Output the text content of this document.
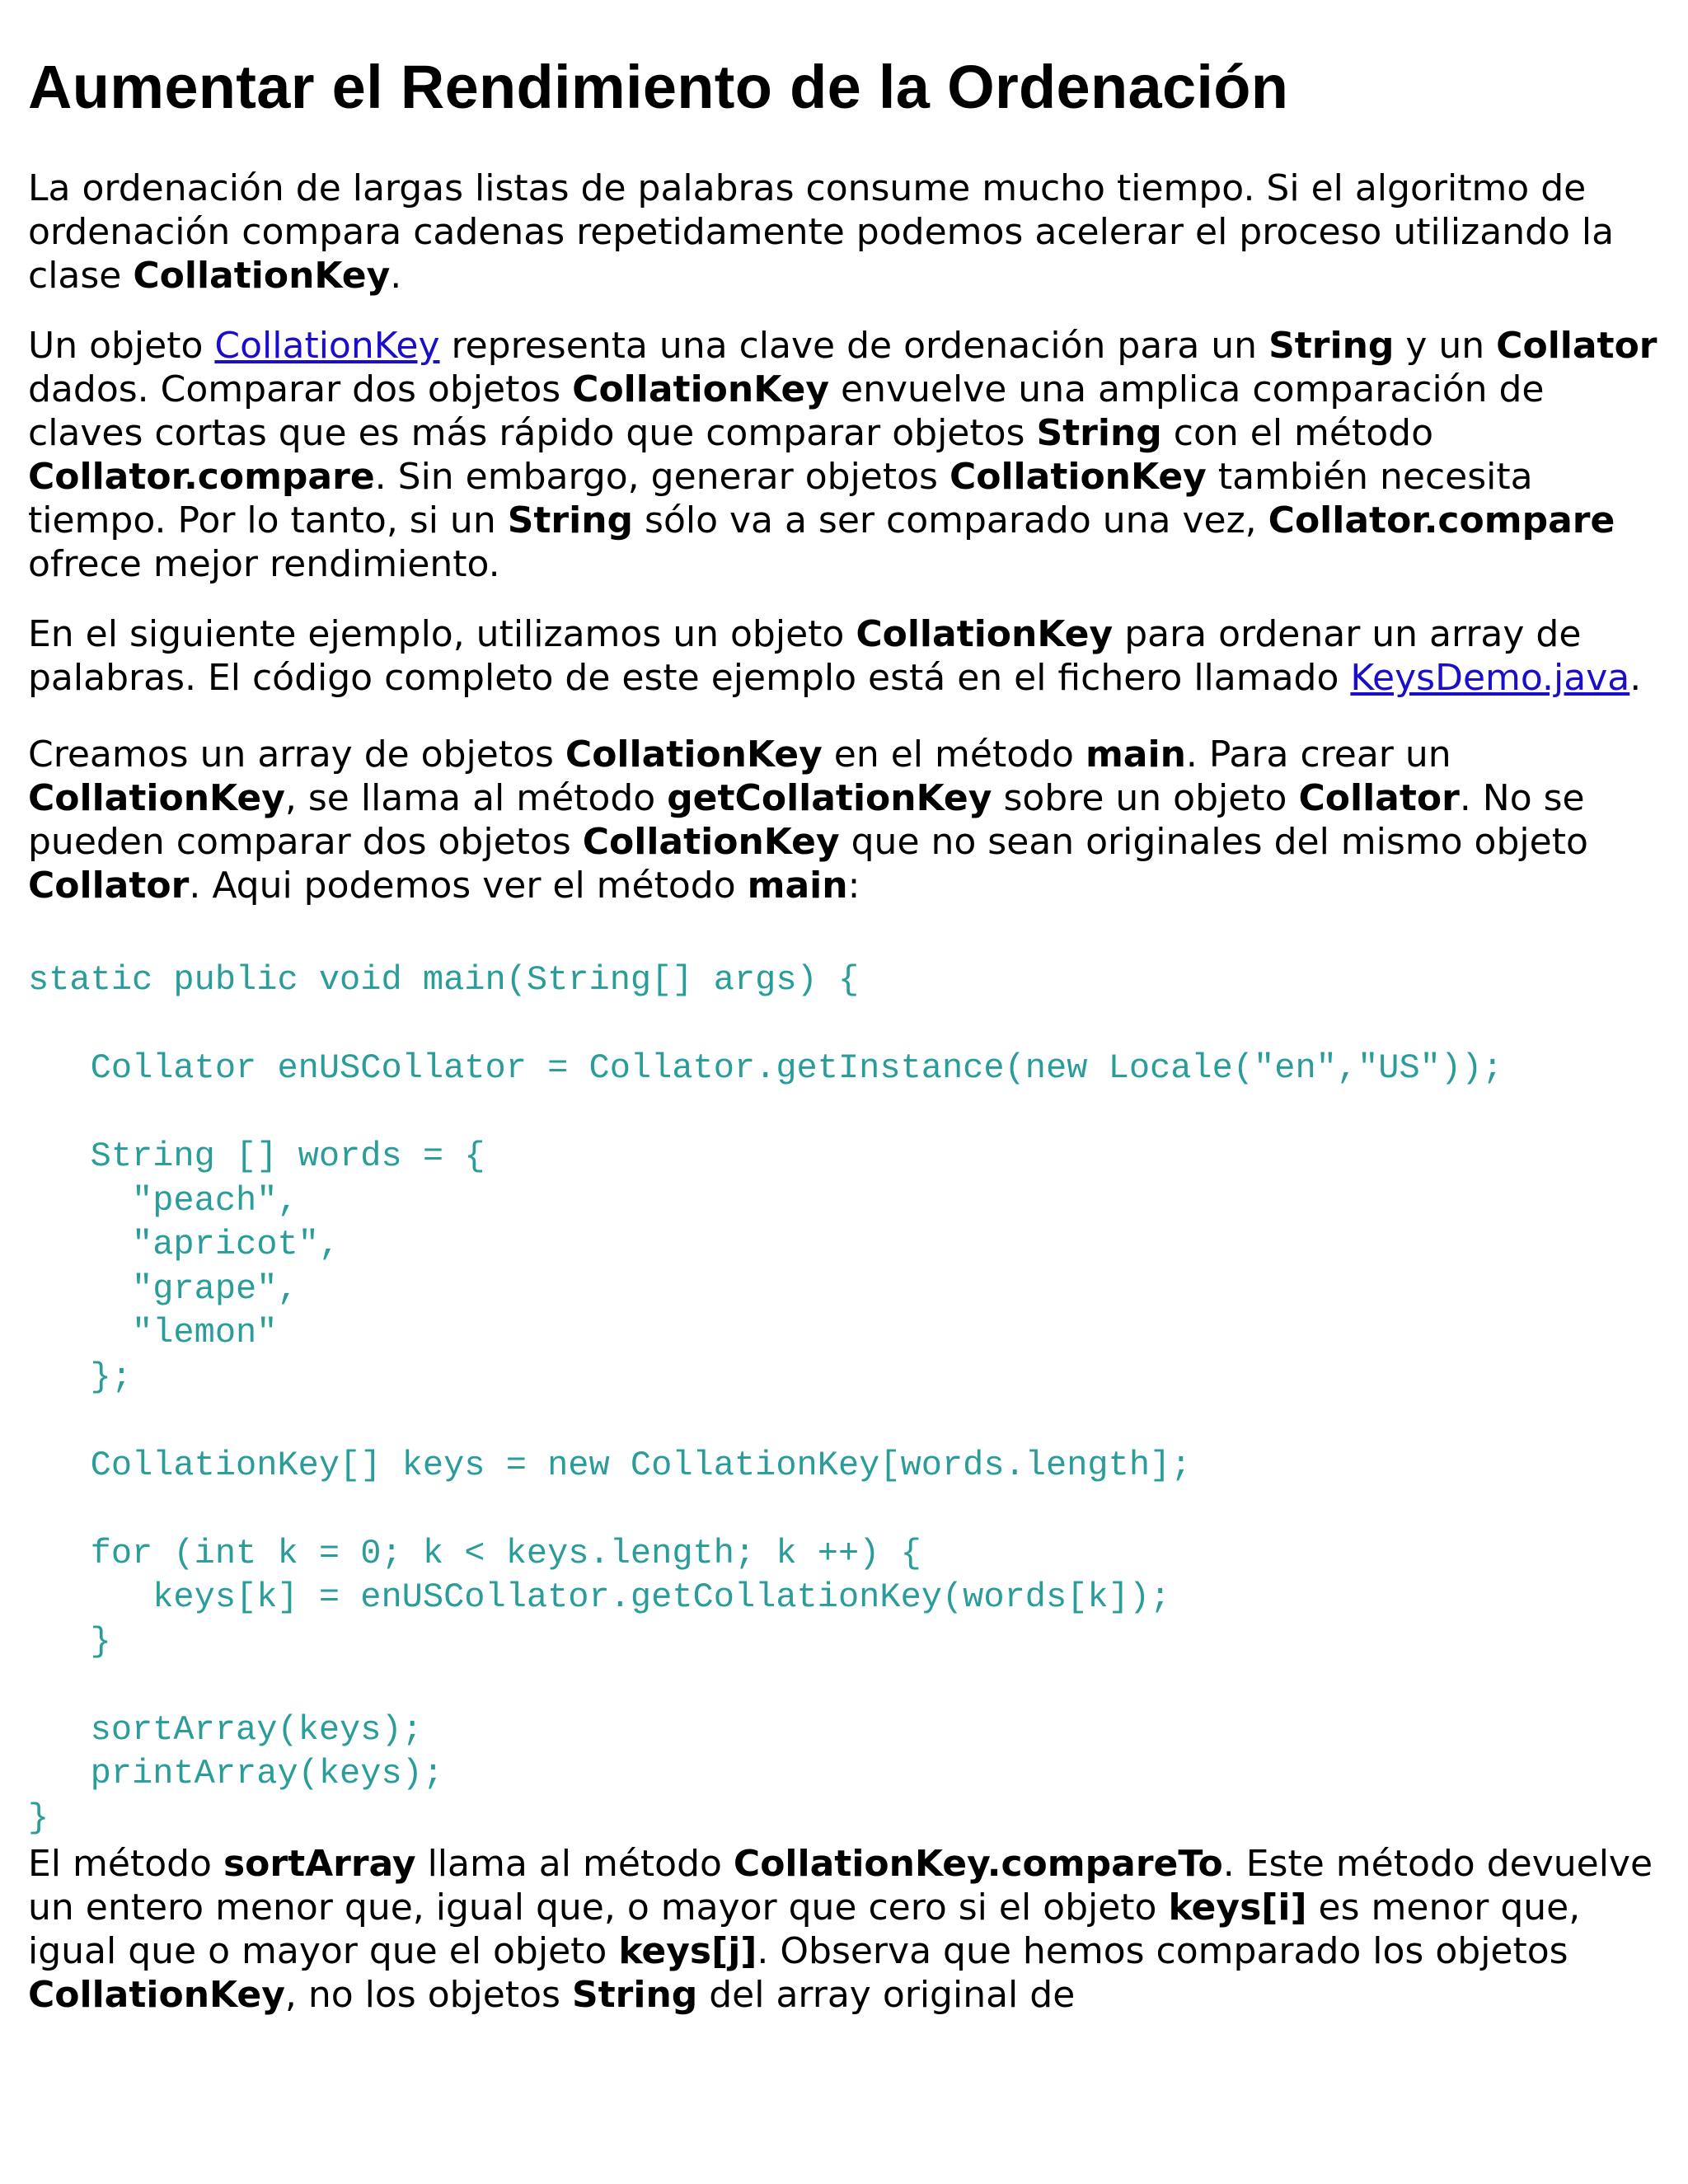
Aumentar el Rendimiento de la Ordenación

La ordenación de largas listas de palabras consume mucho tiempo. Si el algoritmo de ordenación compara cadenas repetidamente podemos acelerar el proceso utilizando la clase CollationKey.

Un objeto CollationKey representa una clave de ordenación para un String y un Collator dados. Comparar dos objetos CollationKey envuelve una amplica comparación de claves cortas que es más rápido que comparar objetos String con el método Collator.compare. Sin embargo, generar objetos CollationKey también necesita tiempo. Por lo tanto, si un String sólo va a ser comparado una vez, Collator.compare ofrece mejor rendimiento.

En el siguiente ejemplo, utilizamos un objeto CollationKey para ordenar un array de palabras. El código completo de este ejemplo está en el fichero llamado KeysDemo.java.

Creamos un array de objetos CollationKey en el método main. Para crear un CollationKey, se llama al método getCollationKey sobre un objeto Collator. No se pueden comparar dos objetos CollationKey que no sean originales del mismo objeto Collator. Aqui podemos ver el método main:

static public void main(String[] args) {

Collator enUSCollator = Collator.getInstance(new Locale("en","US"));

String [] words = {
"peach",
"apricot",
"grape",
"lemon"
};

CollationKey[] keys = new CollationKey[words.length];

for (int k = 0; k < keys.length; k ++) {
keys[k] = enUSCollator.getCollationKey(words[k]);
}

sortArray(keys);
printArray(keys);
}

El método sortArray llama al método CollationKey.compareTo. Este método devuelve un entero menor que, igual que, o mayor que cero si el objeto keys[i] es menor que, igual que o mayor que el objeto keys[j]. Observa que hemos comparado los objetos CollationKey, no los objetos String del array original de
